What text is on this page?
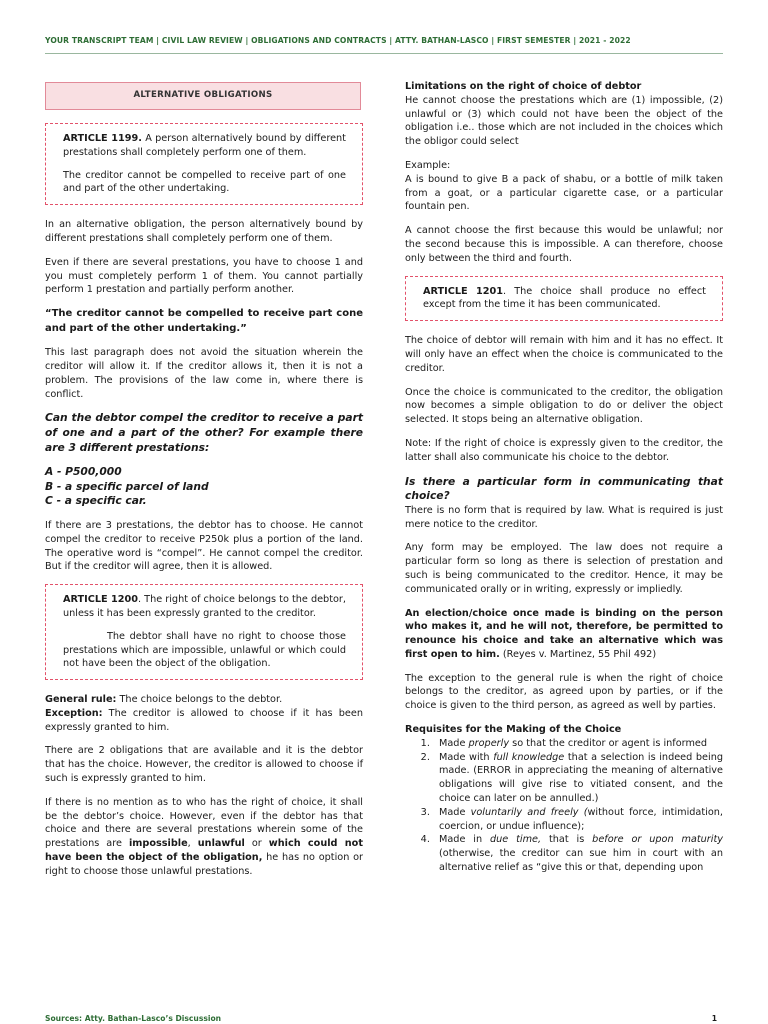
YOUR TRANSCRIPT TEAM | CIVIL LAW REVIEW | OBLIGATIONS AND CONTRACTS | ATTY. BATHAN-LASCO | FIRST SEMESTER | 2021 - 2022
ALTERNATIVE OBLIGATIONS

ARTICLE 1199. A person alternatively bound by different prestations shall completely perform one of them.

The creditor cannot be compelled to receive part of one and part of the other undertaking.

In an alternative obligation, the person alternatively bound by different prestations shall completely perform one of them.

Even if there are several prestations, you have to choose 1 and you must completely perform 1 of them. You cannot partially perform 1 prestation and partially perform another.

“The creditor cannot be compelled to receive part cone and part of the other undertaking.”

This last paragraph does not avoid the situation wherein the creditor will allow it. If the creditor allows it, then it is not a problem. The provisions of the law come in, where there is conflict.

Can the debtor compel the creditor to receive a part of one and a part of the other? For example there are 3 different prestations:

A - P500,000

B - a specific parcel of land

C - a specific car.

If there are 3 prestations, the debtor has to choose. He cannot compel the creditor to receive P250k plus a portion of the land. The operative word is “compel”. He cannot compel the creditor. But if the creditor will agree, then it is allowed.

ARTICLE 1200. The right of choice belongs to the debtor, unless it has been expressly granted to the creditor.

The debtor shall have no right to choose those prestations which are impossible, unlawful or which could not have been the object of the obligation.

General rule: The choice belongs to the debtor.
Exception: The creditor is allowed to choose if it has been expressly granted to him.

There are 2 obligations that are available and it is the debtor that has the choice. However, the creditor is allowed to choose if such is expressly granted to him.

If there is no mention as to who has the right of choice, it shall be the debtor’s choice. However, even if the debtor has that choice and there are several prestations wherein some of the prestations are impossible, unlawful or which could not have been the object of the obligation, he has no option or right to choose those unlawful prestations.

Limitations on the right of choice of debtor
He cannot choose the prestations which are (1) impossible, (2) unlawful or (3) which could not have been the object of the obligation i.e.. those which are not included in the choices which the obligor could select

Example:
A is bound to give B a pack of shabu, or a bottle of milk taken from a goat, or a particular cigarette case, or a particular fountain pen.

A cannot choose the first because this would be unlawful; nor the second because this is impossible. A can therefore, choose only between the third and fourth.

ARTICLE 1201. The choice shall produce no effect except from the time it has been communicated.

The choice of debtor will remain with him and it has no effect. It will only have an effect when the choice is communicated to the creditor.

Once the choice is communicated to the creditor, the obligation now becomes a simple obligation to do or deliver the object selected. It stops being an alternative obligation.

Note: If the right of choice is expressly given to the creditor, the latter shall also communicate his choice to the debtor.

Is there a particular form in communicating that choice?

There is no form that is required by law. What is required is just mere notice to the creditor.

Any form may be employed. The law does not require a particular form so long as there is selection of prestation and such is being communicated to the creditor. Hence, it may be communicated orally or in writing, expressly or impliedly.

An election/choice once made is binding on the person who makes it, and he will not, therefore, be permitted to renounce his choice and take an alternative which was first open to him. (Reyes v. Martinez, 55 Phil 492)

The exception to the general rule is when the right of choice belongs to the creditor, as agreed upon by parties, or if the choice is given to the third person, as agreed as well by parties.

Requisites for the Making of the Choice

1. Made properly so that the creditor or agent is informed
2. Made with full knowledge that a selection is indeed being made. (ERROR in appreciating the meaning of alternative obligations will give rise to vitiated consent, and the choice can later on be annulled.)
3. Made voluntarily and freely (without force, intimidation, coercion, or undue influence);
4. Made in due time, that is before or upon maturity (otherwise, the creditor can sue him in court with an alternative relief as “give this or that, depending upon
Sources: Atty. Bathan-Lasco’s Discussion	1
